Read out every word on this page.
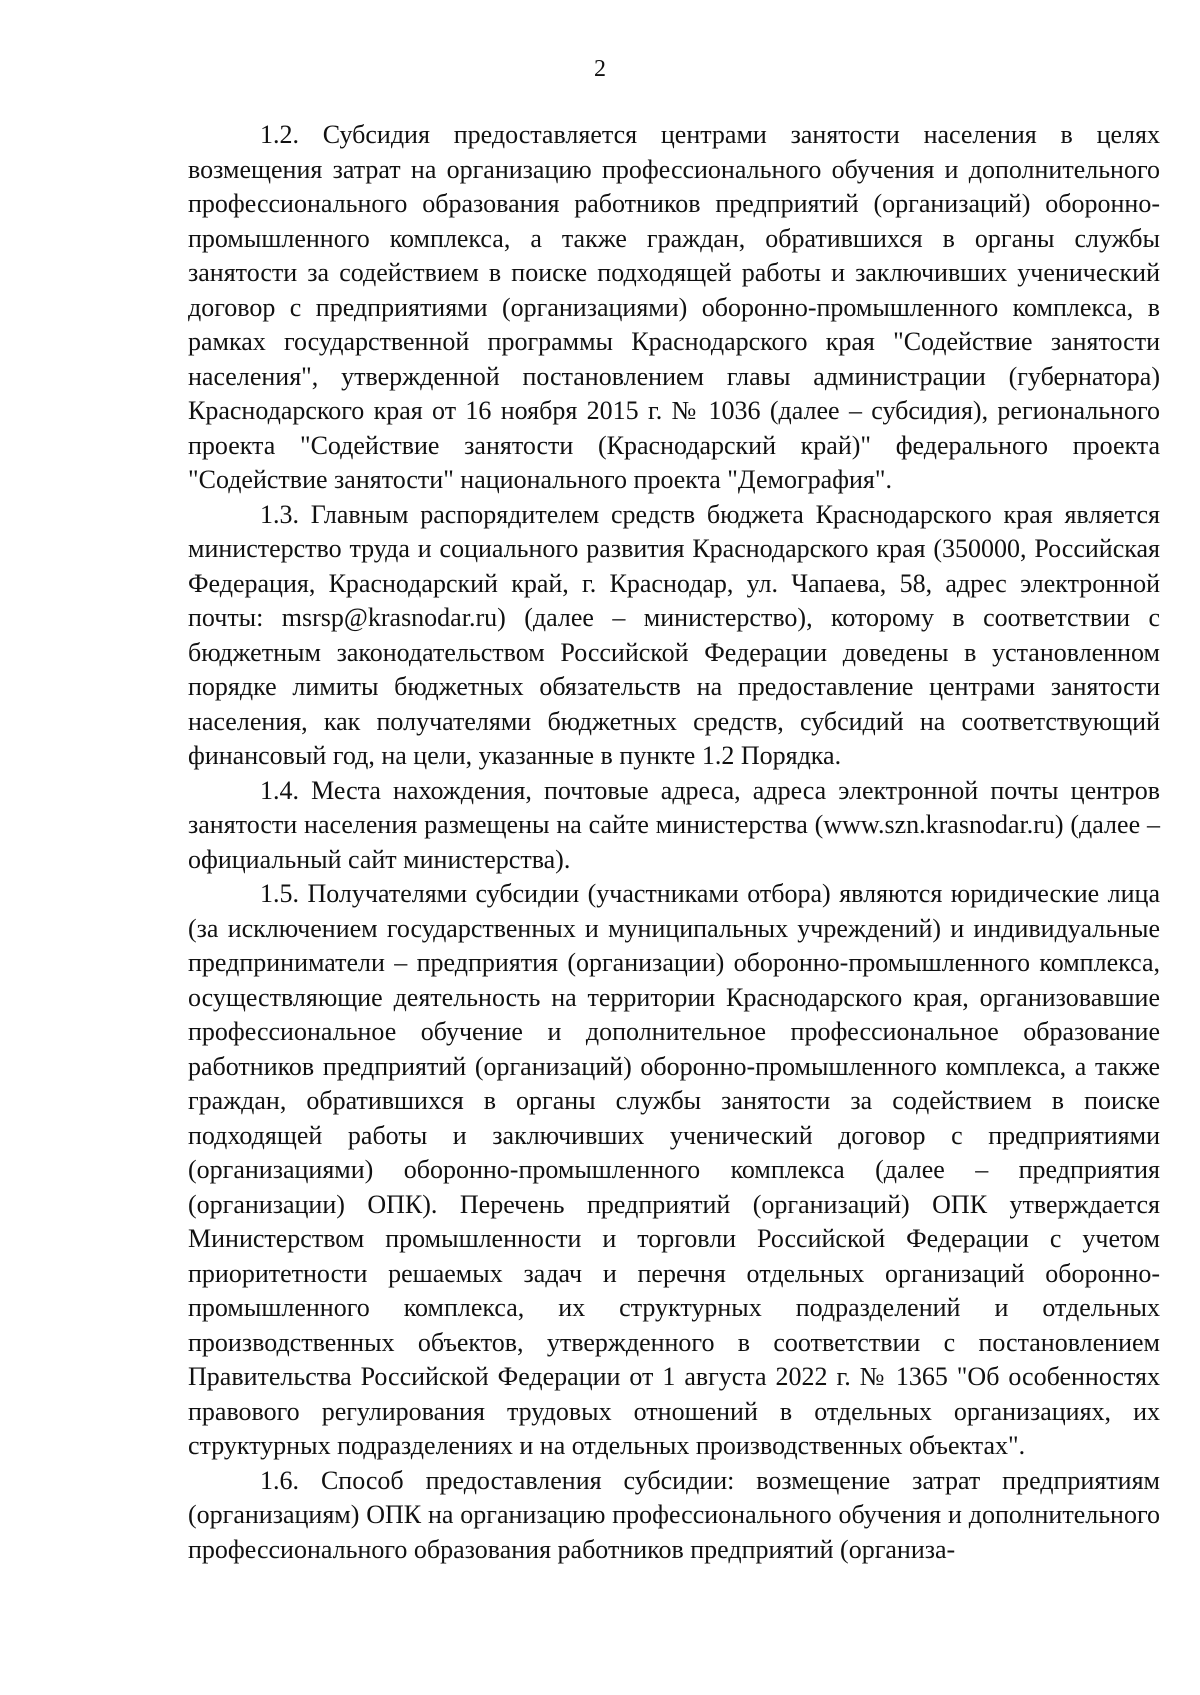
2

1.2. Субсидия предоставляется центрами занятости населения в целях возмещения затрат на организацию профессионального обучения и дополнительного профессионального образования работников предприятий (организаций) оборонно-промышленного комплекса, а также граждан, обратившихся в органы службы занятости за содействием в поиске подходящей работы и заключивших ученический договор с предприятиями (организациями) оборонно-промышленного комплекса, в рамках государственной программы Краснодарского края "Содействие занятости населения", утвержденной постановлением главы администрации (губернатора) Краснодарского края от 16 ноября 2015 г. № 1036 (далее – субсидия), регионального проекта "Содействие занятости (Краснодарский край)" федерального проекта "Содействие занятости" национального проекта "Демография".

1.3. Главным распорядителем средств бюджета Краснодарского края является министерство труда и социального развития Краснодарского края (350000, Российская Федерация, Краснодарский край, г. Краснодар, ул. Чапаева, 58, адрес электронной почты: msrsp@krasnodar.ru) (далее – министерство), которому в соответствии с бюджетным законодательством Российской Федерации доведены в установленном порядке лимиты бюджетных обязательств на предоставление центрами занятости населения, как получателями бюджетных средств, субсидий на соответствующий финансовый год, на цели, указанные в пункте 1.2 Порядка.

1.4. Места нахождения, почтовые адреса, адреса электронной почты центров занятости населения размещены на сайте министерства (www.szn.krasnodar.ru) (далее – официальный сайт министерства).

1.5. Получателями субсидии (участниками отбора) являются юридические лица (за исключением государственных и муниципальных учреждений) и индивидуальные предприниматели – предприятия (организации) оборонно-промышленного комплекса, осуществляющие деятельность на территории Краснодарского края, организовавшие профессиональное обучение и дополнительное профессиональное образование работников предприятий (организаций) оборонно-промышленного комплекса, а также граждан, обратившихся в органы службы занятости за содействием в поиске подходящей работы и заключивших ученический договор с предприятиями (организациями) оборонно-промышленного комплекса (далее – предприятия (организации) ОПК). Перечень предприятий (организаций) ОПК утверждается Министерством промышленности и торговли Российской Федерации с учетом приоритетности решаемых задач и перечня отдельных организаций оборонно-промышленного комплекса, их структурных подразделений и отдельных производственных объектов, утвержденного в соответствии с постановлением Правительства Российской Федерации от 1 августа 2022 г. № 1365 "Об особенностях правового регулирования трудовых отношений в отдельных организациях, их структурных подразделениях и на отдельных производственных объектах".

1.6. Способ предоставления субсидии: возмещение затрат предприятиям (организациям) ОПК на организацию профессионального обучения и дополнительного профессионального образования работников предприятий (организа-
